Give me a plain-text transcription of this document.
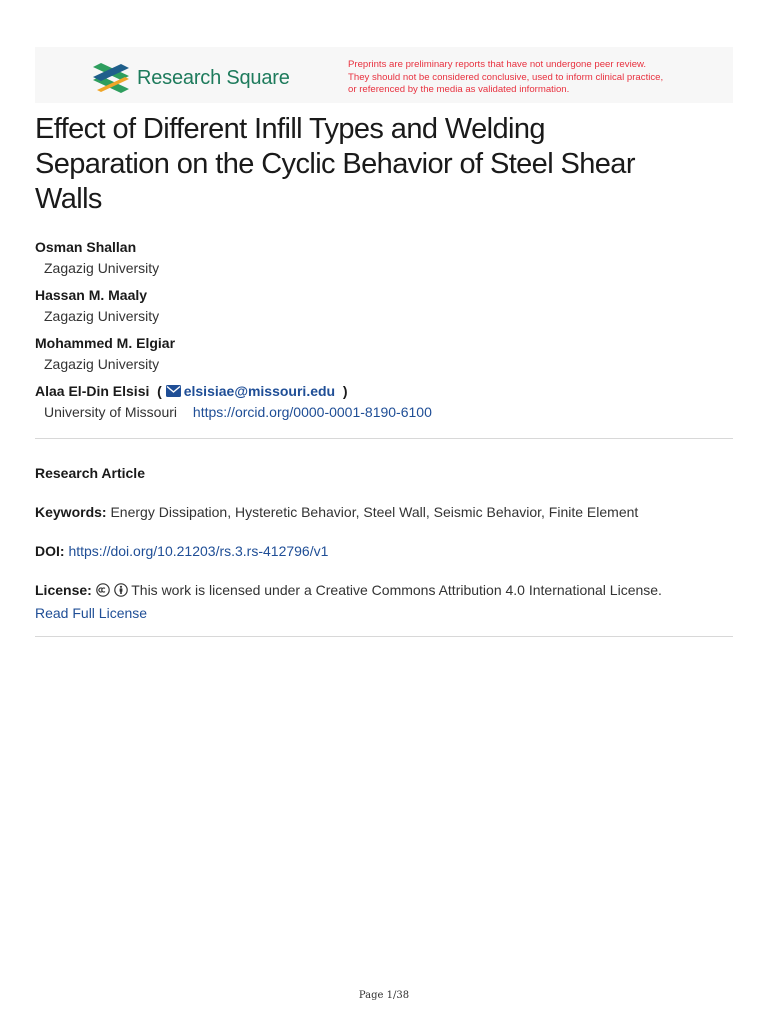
Research Square
Preprints are preliminary reports that have not undergone peer review.
They should not be considered conclusive, used to inform clinical practice,
or referenced by the media as validated information.
Effect of Different Infill Types and Welding
Separation on the Cyclic Behavior of Steel Shear
Walls
Osman Shallan
Zagazig University
Hassan M. Maaly
Zagazig University
Mohammed M. Elgiar
Zagazig University
Alaa El-Din Elsisi  ( elsisiae@missouri.edu  )
University of Missouri https://orcid.org/0000-0001-8190-6100
Research Article
Keywords: Energy Dissipation, Hysteretic Behavior, Steel Wall, Seismic Behavior, Finite Element
DOI: https://doi.org/10.21203/rs.3.rs-412796/v1
License:	This work is licensed under a Creative Commons Attribution 4.0 International License.
Read Full License
Page 1/38
